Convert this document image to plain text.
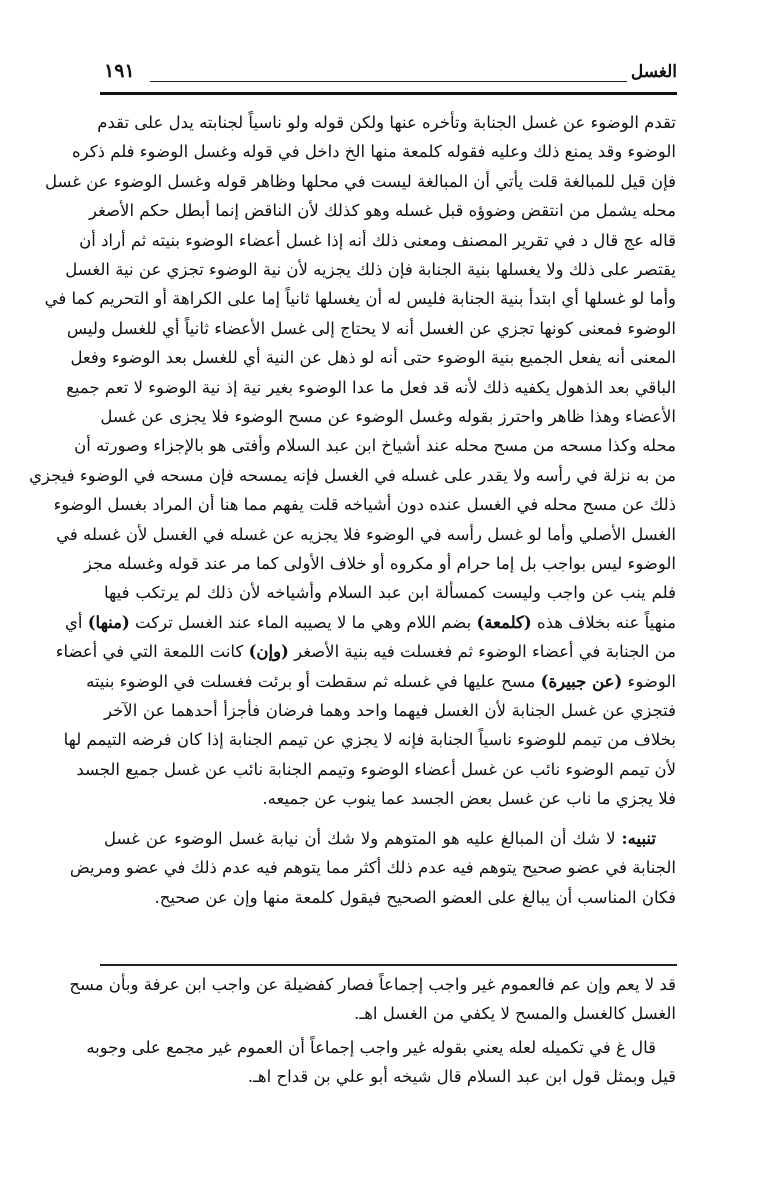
الغسل
١٩١
تقدم الوضوء عن غسل الجنابة وتأخره عنها ولكن قوله ولو ناسياً لجنابته يدل على تقدم
الوضوء وقد يمنع ذلك وعليه فقوله كلمعة منها الخ داخل في قوله وغسل الوضوء فلم ذكره
فإن قيل للمبالغة قلت يأتي أن المبالغة ليست في محلها وظاهر قوله وغسل الوضوء عن غسل
محله يشمل من انتقض وضوؤه قبل غسله وهو كذلك لأن الناقض إنما أبطل حكم الأصغر
قاله عج قال د في تقرير المصنف ومعنى ذلك أنه إذا غسل أعضاء الوضوء بنيته ثم أراد أن
يقتصر على ذلك ولا يغسلها بنية الجنابة فإن ذلك يجزيه لأن نية الوضوء تجزي عن نية الغسل
وأما لو غسلها أي ابتدأ بنية الجنابة فليس له أن يغسلها ثانياً إما على الكراهة أو التحريم كما في
الوضوء فمعنى كونها تجزي عن الغسل أنه لا يحتاج إلى غسل الأعضاء ثانياً أي للغسل وليس
المعنى أنه يفعل الجميع بنية الوضوء حتى أنه لو ذهل عن النية أي للغسل بعد الوضوء وفعل
الباقي بعد الذهول يكفيه ذلك لأنه قد فعل ما عدا الوضوء بغير نية إذ نية الوضوء لا تعم جميع
الأعضاء وهذا ظاهر واحترز بقوله وغسل الوضوء عن مسح الوضوء فلا يجزى عن غسل
محله وكذا مسحه من مسح محله عند أشياخ ابن عبد السلام وأفتى هو بالإجزاء وصورته أن
من به نزلة في رأسه ولا يقدر على غسله في الغسل فإنه يمسحه فإن مسحه في الوضوء فيجزي
ذلك عن مسح محله في الغسل عنده دون أشياخه قلت يفهم مما هنا أن المراد بغسل الوضوء
الغسل الأصلي وأما لو غسل رأسه في الوضوء فلا يجزيه عن غسله في الغسل لأن غسله في
الوضوء ليس بواجب بل إما حرام أو مكروه أو خلاف الأولى كما مر عند قوله وغسله مجز
فلم ينب عن واجب وليست كمسألة ابن عبد السلام وأشياخه لأن ذلك لم يرتكب فيها
منهياً عنه بخلاف هذه (كلمعة) بضم اللام وهي ما لا يصيبه الماء عند الغسل تركت (منها) أي
من الجنابة في أعضاء الوضوء ثم فغسلت فيه بنية الأصغر (وإن) كانت اللمعة التي في أعضاء
الوضوء (عن جبيرة) مسح عليها في غسله ثم سقطت أو برئت فغسلت في الوضوء بنيته
فتجزي عن غسل الجنابة لأن الغسل فيهما واحد وهما فرضان فأجزأ أحدهما عن الآخر
بخلاف من تيمم للوضوء ناسياً الجنابة فإنه لا يجزي عن تيمم الجنابة إذا كان فرضه التيمم لها
لأن تيمم الوضوء نائب عن غسل أعضاء الوضوء وتيمم الجنابة نائب عن غسل جميع الجسد
فلا يجزي ما ناب عن غسل بعض الجسد عما ينوب عن جميعه.
تنبيه: لا شك أن المبالغ عليه هو المتوهم ولا شك أن نيابة غسل الوضوء عن غسل
الجنابة في عضو صحيح يتوهم فيه عدم ذلك أكثر مما يتوهم فيه عدم ذلك في عضو ومريض
فكان المناسب أن يبالغ على العضو الصحيح فيقول كلمعة منها وإن عن صحيح.
قد لا يعم وإن عم فالعموم غير واجب إجماعاً فصار كفضيلة عن واجب ابن عرفة وبأن مسح
الغسل كالغسل والمسح لا يكفي من الغسل اهـ.
قال غ في تكميله لعله يعني بقوله غير واجب إجماعاً أن العموم غير مجمع على وجوبه
قيل وبمثل قول ابن عبد السلام قال شيخه أبو علي بن قداح اهـ.
